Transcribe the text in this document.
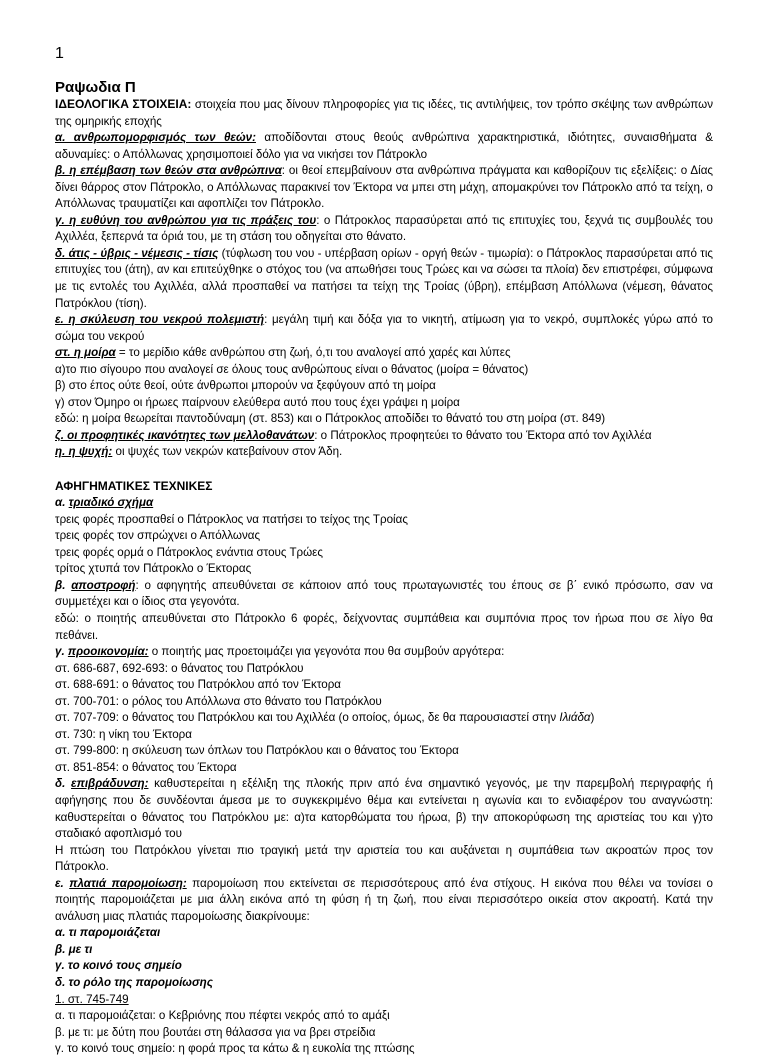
1
Ραψωδια Π

ΙΔΕΟΛΟΓΙΚΑ ΣΤΟΙΧΕΙΑ: στοιχεία που μας δίνουν πληροφορίες για τις ιδέες, τις αντιλήψεις, τον τρόπο σκέψης των ανθρώπων της ομηρικής εποχής

α. ανθρωπομορφισμός των θεών: αποδίδονται στους θεούς ανθρώπινα χαρακτηριστικά, ιδιότητες, συναισθήματα & αδυναμίες: ο Απόλλωνας χρησιμοποιεί δόλο για να νικήσει τον Πάτροκλο

β. η επέμβαση των θεών στα ανθρώπινα: οι θεοί επεμβαίνουν στα ανθρώπινα πράγματα και καθορίζουν τις εξελίξεις: ο Δίας δίνει θάρρος στον Πάτροκλο, ο Απόλλωνας παρακινεί τον Έκτορα να μπει στη μάχη, απομακρύνει τον Πάτροκλο από τα τείχη, ο Απόλλωνας τραυματίζει και αφοπλίζει τον Πάτροκλο.

γ. η ευθύνη του ανθρώπου για τις πράξεις του: ο Πάτροκλος παρασύρεται από τις επιτυχίες του, ξεχνά τις συμβουλές του Αχιλλέα, ξεπερνά τα όριά του, με τη στάση του οδηγείται στο θάνατο.

δ. άτις - ύβρις - νέμεσις - τίσις (τύφλωση του νου - υπέρβαση ορίων - οργή θεών - τιμωρία): ο Πάτροκλος παρασύρεται από τις επιτυχίες του (άτη), αν και επιτεύχθηκε ο στόχος του (να απωθήσει τους Τρώες και να σώσει τα πλοία) δεν επιστρέφει, σύμφωνα με τις εντολές του Αχιλλέα, αλλά προσπαθεί να πατήσει τα τείχη της Τροίας (ύβρη), επέμβαση Απόλλωνα (νέμεση, θάνατος Πατρόκλου (τίση).

ε. η σκύλευση του νεκρού πολεμιστή: μεγάλη τιμή και δόξα για το νικητή, ατίμωση για το νεκρό, συμπλοκές γύρω από το σώμα του νεκρού

στ. η μοίρα = το μερίδιο κάθε ανθρώπου στη ζωή, ό,τι του αναλογεί από χαρές και λύπες

α)το πιο σίγουρο που αναλογεί σε όλους τους ανθρώπους είναι ο θάνατος (μοίρα = θάνατος)

β) στο έπος ούτε θεοί, ούτε άνθρωποι μπορούν να ξεφύγουν από τη μοίρα

γ) στον Όμηρο οι ήρωες παίρνουν ελεύθερα αυτό που τους έχει γράψει η μοίρα

εδώ: η μοίρα θεωρείται παντοδύναμη (στ. 853) και ο Πάτροκλος αποδίδει το θάνατό του στη μοίρα (στ. 849)

ζ. οι προφητικές ικανότητες των μελλοθανάτων: ο Πάτροκλος προφητεύει το θάνατο του Έκτορα από τον Αχιλλέα

η. η ψυχή: οι ψυχές των νεκρών κατεβαίνουν στον Άδη.

ΑΦΗΓΗΜΑΤΙΚΕΣ ΤΕΧΝΙΚΕΣ

α. τριαδικό σχήμα

τρεις φορές προσπαθεί ο Πάτροκλος να πατήσει το τείχος της Τροίας

τρεις φορές τον σπρώχνει ο Απόλλωνας

τρεις φορές ορμά ο Πάτροκλος ενάντια στους Τρώες

τρίτος χτυπά τον Πάτροκλο ο Έκτορας

β. αποστροφή: ο αφηγητής απευθύνεται σε κάποιον από τους πρωταγωνιστές του έπους σε β΄ ενικό πρόσωπο, σαν να συμμετέχει και ο ίδιος στα γεγονότα.

εδώ: ο ποιητής απευθύνεται στο Πάτροκλο 6 φορές, δείχνοντας συμπάθεια και συμπόνια προς τον ήρωα που σε λίγο θα πεθάνει.

γ. προοικονομία: ο ποιητής μας προετοιμάζει για γεγονότα που θα συμβούν αργότερα:

στ. 686-687, 692-693: ο θάνατος του Πατρόκλου

στ. 688-691: ο θάνατος του Πατρόκλου από τον Έκτορα

στ. 700-701: ο ρόλος του Απόλλωνα στο θάνατο του Πατρόκλου

στ. 707-709: ο θάνατος του Πατρόκλου και του Αχιλλέα (ο οποίος, όμως, δε θα παρουσιαστεί στην Ιλιάδα)

στ. 730: η νίκη του Έκτορα

στ. 799-800: η σκύλευση των όπλων του Πατρόκλου και ο θάνατος του Έκτορα

στ. 851-854: ο θάνατος του Έκτορα

δ. επιβράδυνση: καθυστερείται η εξέλιξη της πλοκής πριν από ένα σημαντικό γεγονός, με την παρεμβολή περιγραφής ή αφήγησης που δε συνδέονται άμεσα με το συγκεκριμένο θέμα και εντείνεται η αγωνία και το ενδιαφέρον του αναγνώστη: καθυστερείται ο θάνατος του Πατρόκλου με: α)τα κατορθώματα του ήρωα, β) την αποκορύφωση της αριστείας του και γ)το σταδιακό αφοπλισμό του

Η πτώση του Πατρόκλου γίνεται πιο τραγική μετά την αριστεία του και αυξάνεται η συμπάθεια των ακροατών προς τον Πάτροκλο.

ε. πλατιά παρομοίωση: παρομοίωση που εκτείνεται σε περισσότερους από ένα στίχους. Η εικόνα που θέλει να τονίσει ο ποιητής παρομοιάζεται με μια άλλη εικόνα από τη φύση ή τη ζωή, που είναι περισσότερο οικεία στον ακροατή. Κατά την ανάλυση μιας πλατιάς παρομοίωσης διακρίνουμε:

α. τι παρομοιάζεται

β. με τι

γ. το κοινό τους σημείο

δ. το ρόλο της παρομοίωσης

1. στ. 745-749

α. τι παρομοιάζεται: ο Κεβριόνης που πέφτει νεκρός από το αμάξι

β. με τι: με δύτη που βουτάει στη θάλασσα για να βρει στρείδια

γ. το κοινό τους σημείο: η φορά προς τα κάτω & η ευκολία της πτώσης
